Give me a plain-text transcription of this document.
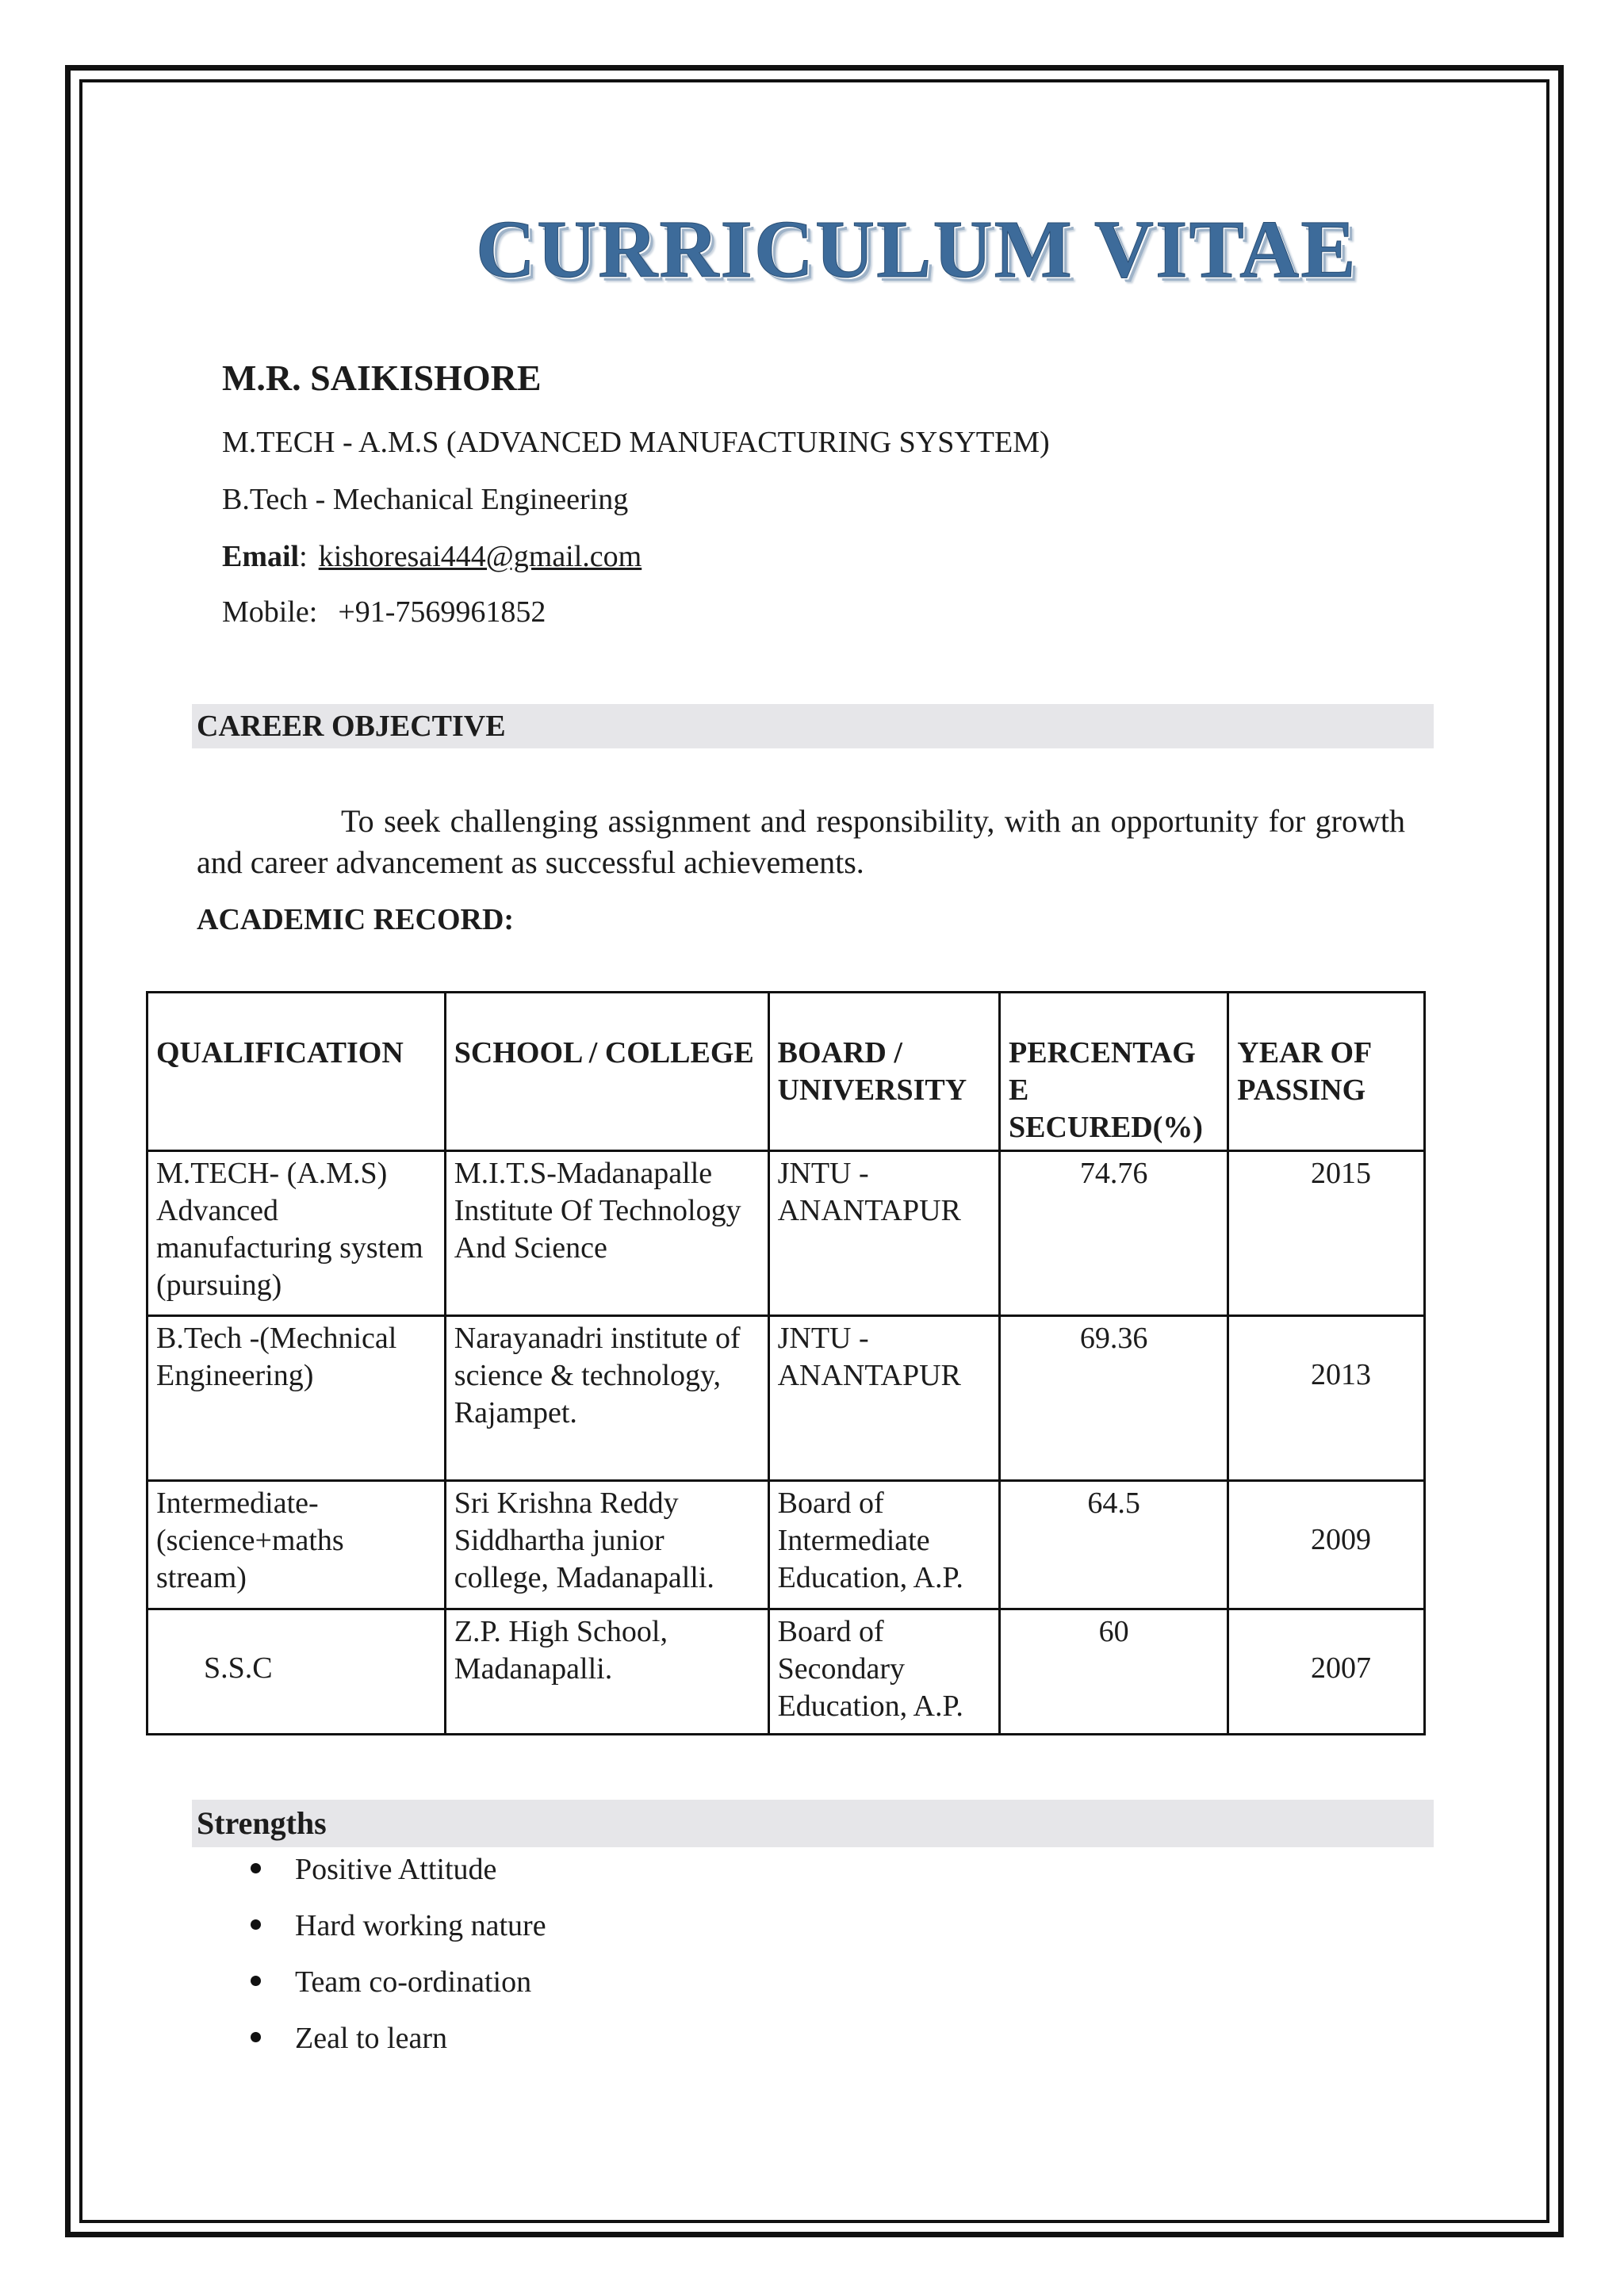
CURRICULUM VITAE
M.R. SAIKISHORE
M.TECH - A.M.S (ADVANCED MANUFACTURING SYSYTEM)
B.Tech - Mechanical Engineering
Email: kishoresai444@gmail.com
Mobile: +91-7569961852
CAREER OBJECTIVE
To seek challenging assignment and responsibility, with an opportunity for growth and career advancement as successful achievements.
ACADEMIC RECORD:
QUALIFICATION	SCHOOL / COLLEGE	BOARD / UNIVERSITY	PERCENTAG E SECURED(%)	YEAR OF PASSING
M.TECH- (A.M.S) Advanced manufacturing system (pursuing)	M.I.T.S-Madanapalle Institute Of Technology And Science	JNTU - ANANTAPUR	74.76	2015
B.Tech -(Mechnical Engineering)	Narayanadri institute of science & technology, Rajampet.	JNTU - ANANTAPUR	69.36	2013
Intermediate-(science+maths stream)	Sri Krishna Reddy Siddhartha junior college, Madanapalli.	Board of Intermediate Education, A.P.	64.5	2009
S.S.C	Z.P. High School, Madanapalli.	Board of Secondary Education, A.P.	60	2007
Strengths
Positive Attitude
Hard working nature
Team co-ordination
Zeal to learn
